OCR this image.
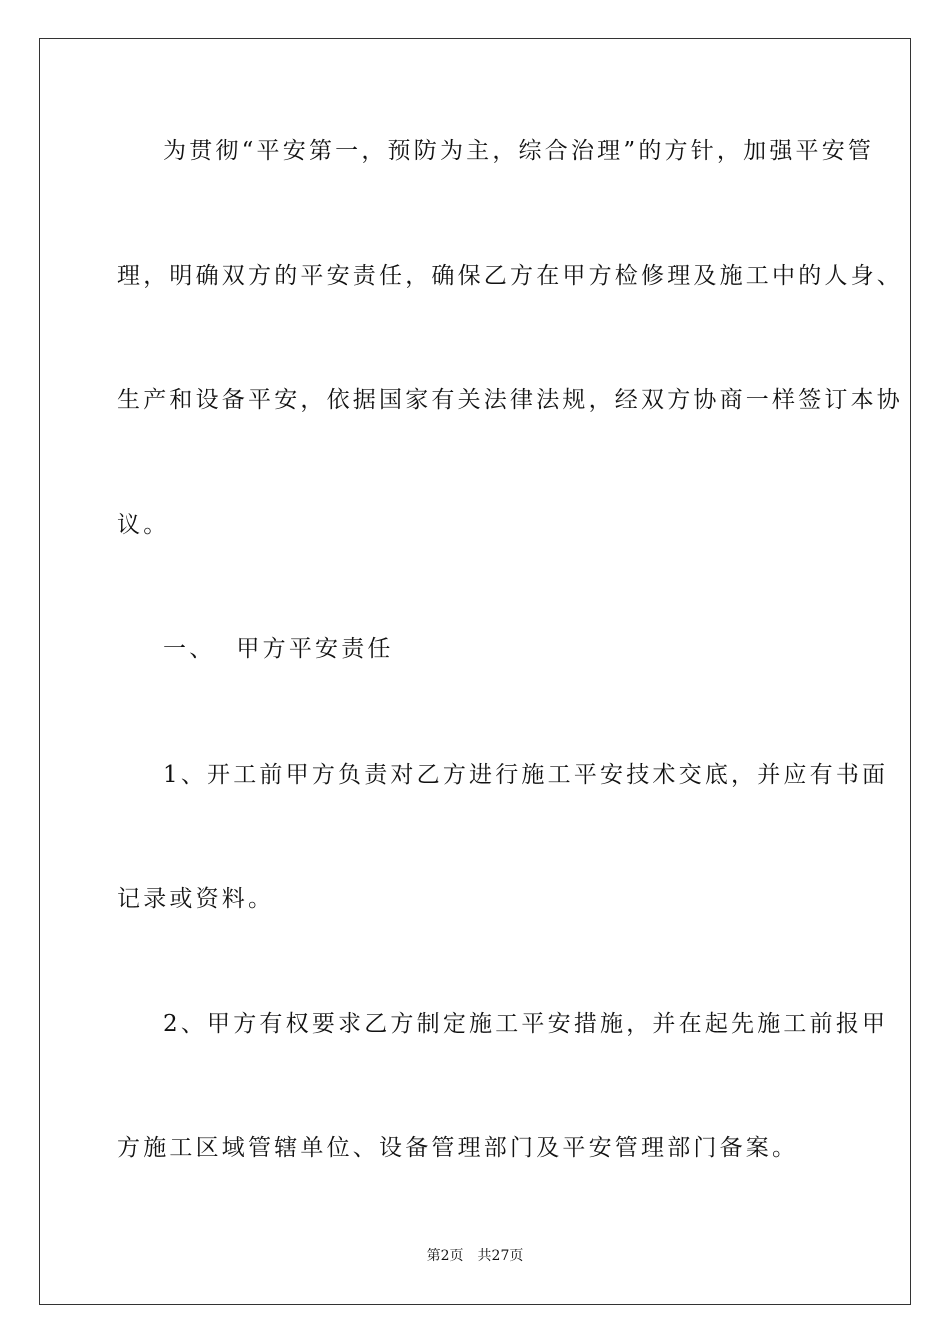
为贯彻“平安第一，预防为主，综合治理”的方针，加强平安管
理，明确双方的平安责任，确保乙方在甲方检修理及施工中的人身、
生产和设备平安，依据国家有关法律法规，经双方协商一样签订本协
议。
一、  甲方平安责任
1、开工前甲方负责对乙方进行施工平安技术交底，并应有书面
记录或资料。
2、甲方有权要求乙方制定施工平安措施，并在起先施工前报甲
方施工区域管辖单位、设备管理部门及平安管理部门备案。
第2页 共27页
